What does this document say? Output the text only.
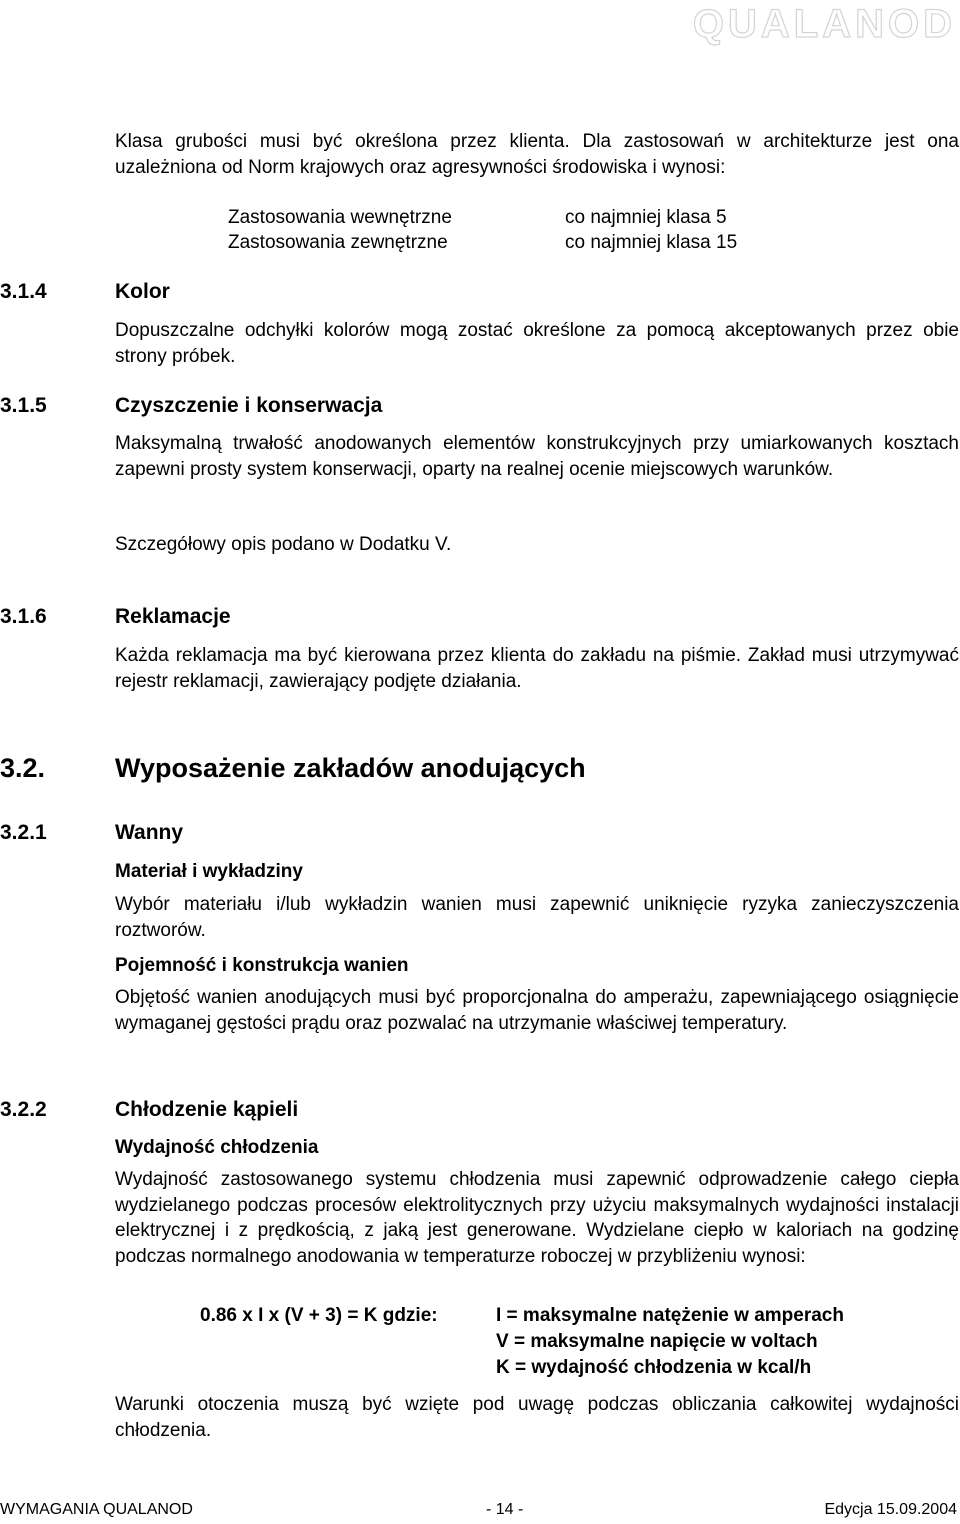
QUALANOD
Klasa grubości musi być określona przez klienta. Dla zastosowań w architekturze jest ona uzależniona od Norm krajowych oraz agresywności środowiska i wynosi:
Zastosowania wewnętrzne	co najmniej klasa 5
Zastosowania zewnętrzne	co najmniej klasa 15
3.1.4	Kolor
Dopuszczalne odchyłki kolorów mogą zostać określone za pomocą akceptowanych przez obie strony próbek.
3.1.5	Czyszczenie i konserwacja
Maksymalną trwałość anodowanych elementów konstrukcyjnych przy umiarkowanych kosztach zapewni prosty system konserwacji, oparty na realnej ocenie miejscowych warunków.
Szczegółowy opis podano w Dodatku V.
3.1.6	Reklamacje
Każda reklamacja ma być kierowana przez klienta do zakładu na piśmie. Zakład musi utrzymywać rejestr reklamacji, zawierający podjęte działania.
3.2.	Wyposażenie zakładów anodujących
3.2.1	Wanny
Materiał i wykładziny
Wybór materiału i/lub wykładzin wanien musi zapewnić uniknięcie ryzyka zanieczyszczenia roztworów.
Pojemność i konstrukcja wanien
Objętość wanien anodujących musi być proporcjonalna do amperażu, zapewniającego osiągnięcie wymaganej gęstości prądu oraz pozwalać na utrzymanie właściwej temperatury.
3.2.2	Chłodzenie kąpieli
Wydajność chłodzenia
Wydajność zastosowanego systemu chłodzenia musi zapewnić odprowadzenie całego ciepła wydzielanego podczas procesów elektrolitycznych przy użyciu maksymalnych wydajności instalacji elektrycznej i z prędkością, z jaką jest generowane. Wydzielane ciepło w kaloriach na godzinę podczas normalnego anodowania w temperaturze roboczej w przybliżeniu wynosi:
0.86 x I x (V + 3) = K gdzie:	I = maksymalne natężenie w amperach
V = maksymalne napięcie w voltach
K = wydajność chłodzenia w kcal/h
Warunki otoczenia muszą być wzięte pod uwagę podczas obliczania całkowitej wydajności chłodzenia.
WYMAGANIA QUALANOD	- 14 -	Edycja 15.09.2004
